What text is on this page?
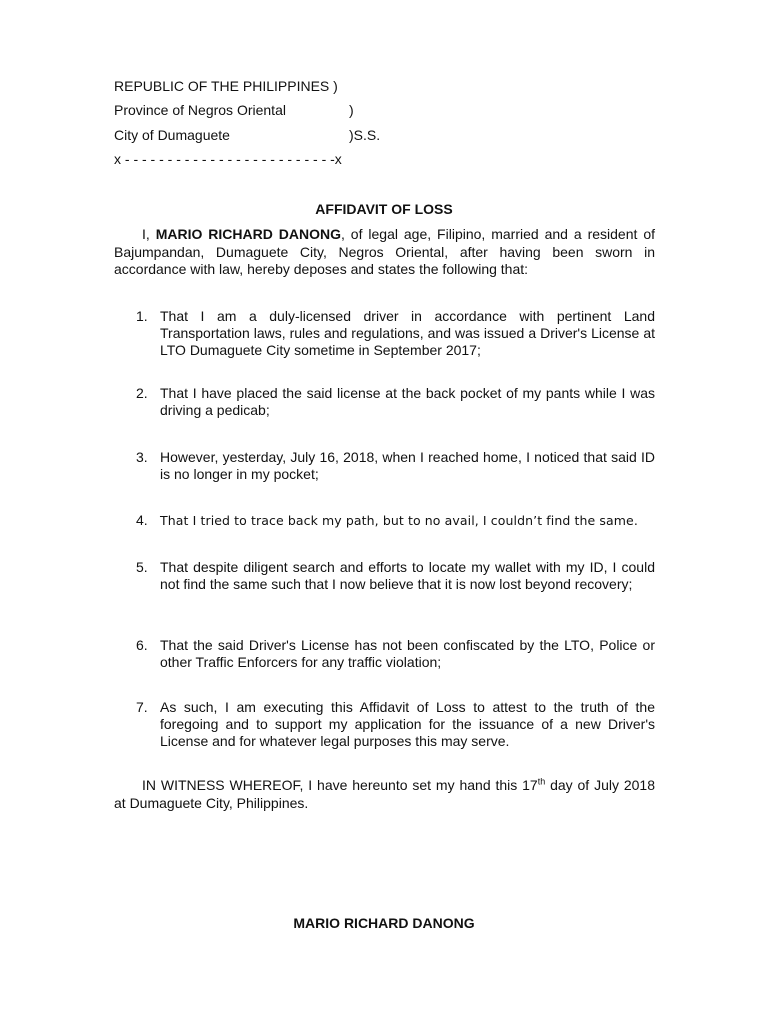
REPUBLIC OF THE PHILIPPINES )
Province of Negros Oriental	)
City of Dumaguete	)S.S.
x - - - - - - - - - - - - - - - - - - - - - - - - -x
AFFIDAVIT OF LOSS
I, MARIO RICHARD DANONG, of legal age, Filipino, married and a resident of Bajumpandan, Dumaguete City, Negros Oriental, after having been sworn in accordance with law, hereby deposes and states the following that:
1. That I am a duly-licensed driver in accordance with pertinent Land Transportation laws, rules and regulations, and was issued a Driver's License at LTO Dumaguete City sometime in September 2017;
2. That I have placed the said license at the back pocket of my pants while I was driving a pedicab;
3. However, yesterday, July 16, 2018, when I reached home, I noticed that said ID is no longer in my pocket;
4. That I tried to trace back my path, but to no avail, I couldn’t find the same.
5. That despite diligent search and efforts to locate my wallet with my ID, I could not find the same such that I now believe that it is now lost beyond recovery;
6. That the said Driver's License has not been confiscated by the LTO, Police or other Traffic Enforcers for any traffic violation;
7. As such, I am executing this Affidavit of Loss to attest to the truth of the foregoing and to support my application for the issuance of a new Driver's License and for whatever legal purposes this may serve.
IN WITNESS WHEREOF, I have hereunto set my hand this 17th day of July 2018 at Dumaguete City, Philippines.
MARIO RICHARD DANONG
